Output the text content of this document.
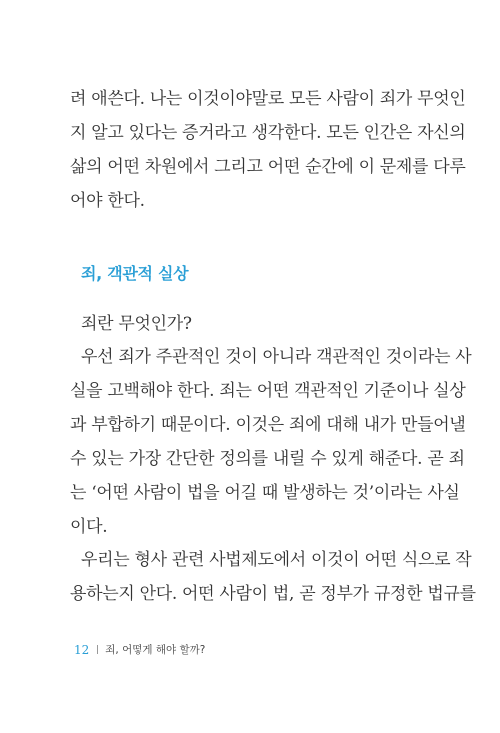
려 애쓴다. 나는 이것이야말로 모든 사람이 죄가 무엇인
지 알고 있다는 증거라고 생각한다. 모든 인간은 자신의
삶의 어떤 차원에서 그리고 어떤 순간에 이 문제를 다루
어야 한다.
죄, 객관적 실상
죄란 무엇인가?
우선 죄가 주관적인 것이 아니라 객관적인 것이라는 사
실을 고백해야 한다. 죄는 어떤 객관적인 기준이나 실상
과 부합하기 때문이다. 이것은 죄에 대해 내가 만들어낼
수 있는 가장 간단한 정의를 내릴 수 있게 해준다. 곧 죄
는 ‘어떤 사람이 법을 어길 때 발생하는 것’이라는 사실
이다.
우리는 형사 관련 사법제도에서 이것이 어떤 식으로 작
용하는지 안다. 어떤 사람이 법, 곧 정부가 규정한 법규를
12 죄, 어떻게 해야 할까?
